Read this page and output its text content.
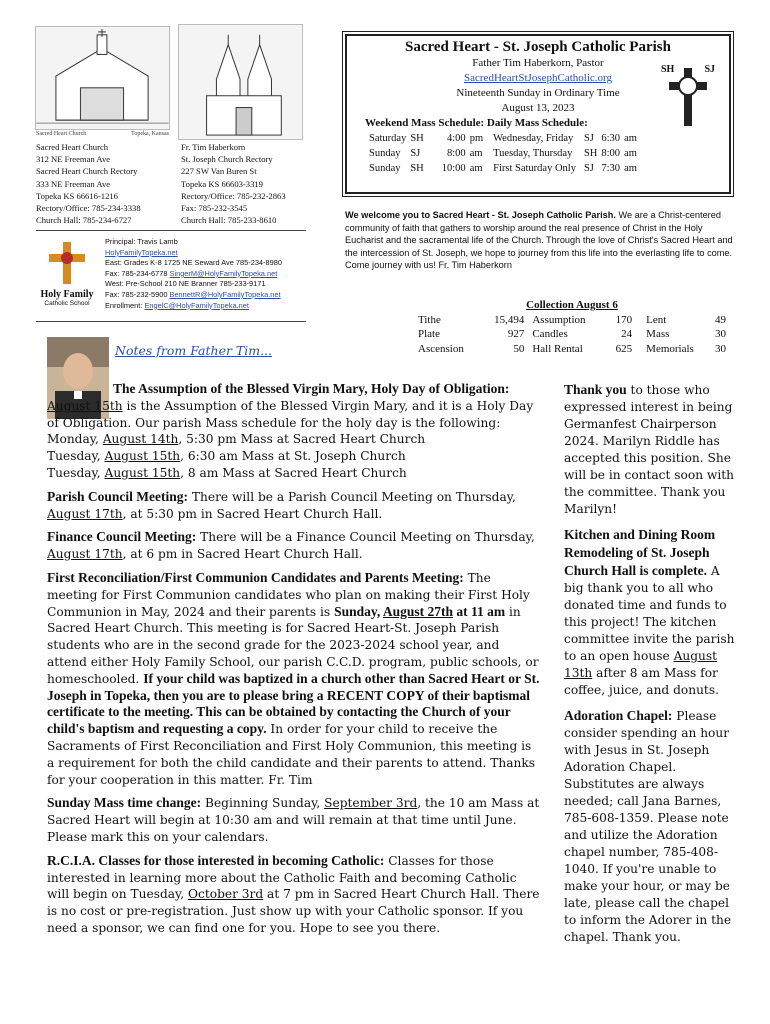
Sacred Heart Church	Topeka, Kansas
Sacred Heart Church
312 NE Freeman Ave
Sacred Heart Church Rectory
333 NE Freeman Ave
Topeka KS 66616-1216
Rectory/Office: 785-234-3338
Church Hall: 785-234-6727
Fr. Tim Haberkorn
St. Joseph Church Rectory
227 SW Van Buren St
Topeka KS 66603-3319
Rectory/Office: 785-232-2863
Fax: 785-232-3545
Church Hall: 785-233-8610
Holy Family
Catholic School
Principal: Travis Lamb
HolyFamilyTopeka.net
East: Grades K-8 1725 NE Seward Ave 785-234-8980
Fax: 785-234-6778 SingerM@HolyFamilyTopeka.net
West: Pre-School 210 NE Branner 785-233-9171
Fax: 785-232-5900 BennettR@HolyFamilyTopeka.net
Enrollment: EngelC@HolyFamilyTopeka.net
Sacred Heart - St. Joseph Catholic Parish
Father Tim Haberkorn, Pastor
SacredHeartStJosephCatholic.org
Nineteenth Sunday in Ordinary Time
August 13, 2023
Weekend Mass Schedule: Daily Mass Schedule:
Saturday	SH	4:00	pm	Wednesday, Friday	SJ	6:30	am
Sunday	SJ	8:00	am	Tuesday, Thursday	SH	8:00	am
Sunday	SH	10:00	am	First Saturday Only	SJ	7:30	am
SH	SJ
We welcome you to Sacred Heart - St. Joseph Catholic Parish. We are a Christ-centered community of faith that gathers to worship around the real presence of Christ in the Holy Eucharist and the sacramental life of the Church. Through the love of Christ's Sacred Heart and the intercession of St. Joseph, we hope to journey from this life into the everlasting life to come. Come journey with us! Fr. Tim Haberkorn
Collection August 6					
Tithe	15,494	Assumption	170	Lent	49
Plate	927	Candles	24	Mass	30
Ascension	50	Hall Rental	625	Memorials	30
Notes from Father Tim...

The Assumption of the Blessed Virgin Mary, Holy Day of Obligation: August 15th is the Assumption of the Blessed Virgin Mary, and it is a Holy Day of Obligation. Our parish Mass schedule for the holy day is the following:
Monday, August 14th, 5:30 pm Mass at Sacred Heart Church
Tuesday, August 15th, 6:30 am Mass at St. Joseph Church
Tuesday, August 15th, 8 am Mass at Sacred Heart Church

Parish Council Meeting: There will be a Parish Council Meeting on Thursday, August 17th, at 5:30 pm in Sacred Heart Church Hall.

Finance Council Meeting: There will be a Finance Council Meeting on Thursday, August 17th, at 6 pm in Sacred Heart Church Hall.

First Reconciliation/First Communion Candidates and Parents Meeting: The meeting for First Communion candidates who plan on making their First Holy Communion in May, 2024 and their parents is Sunday, August 27th at 11 am in Sacred Heart Church. This meeting is for Sacred Heart-St. Joseph Parish students who are in the second grade for the 2023-2024 school year, and attend either Holy Family School, our parish C.C.D. program, public schools, or homeschooled. If your child was baptized in a church other than Sacred Heart or St. Joseph in Topeka, then you are to please bring a RECENT COPY of their baptismal certificate to the meeting. This can be obtained by contacting the Church of your child's baptism and requesting a copy. In order for your child to receive the Sacraments of First Reconciliation and First Holy Communion, this meeting is a requirement for both the child candidate and their parents to attend. Thanks for your cooperation in this matter. Fr. Tim

Sunday Mass time change: Beginning Sunday, September 3rd, the 10 am Mass at Sacred Heart will begin at 10:30 am and will remain at that time until June. Please mark this on your calendars.

R.C.I.A. Classes for those interested in becoming Catholic: Classes for those interested in learning more about the Catholic Faith and becoming Catholic will begin on Tuesday, October 3rd at 7 pm in Sacred Heart Church Hall. There is no cost or pre-registration. Just show up with your Catholic sponsor. If you need a sponsor, we can find one for you. Hope to see you there.

Thank you to those who expressed interest in being Germanfest Chairperson 2024. Marilyn Riddle has accepted this position. She will be in contact soon with the committee. Thank you Marilyn!

Kitchen and Dining Room Remodeling of St. Joseph Church Hall is complete. A big thank you to all who donated time and funds to this project! The kitchen committee invite the parish to an open house August 13th after 8 am Mass for coffee, juice, and donuts.

Adoration Chapel: Please consider spending an hour with Jesus in St. Joseph Adoration Chapel. Substitutes are always needed; call Jana Barnes, 785-608-1359. Please note and utilize the Adoration chapel number, 785-408-1040. If you're unable to make your hour, or may be late, please call the chapel to inform the Adorer in the chapel. Thank you.
